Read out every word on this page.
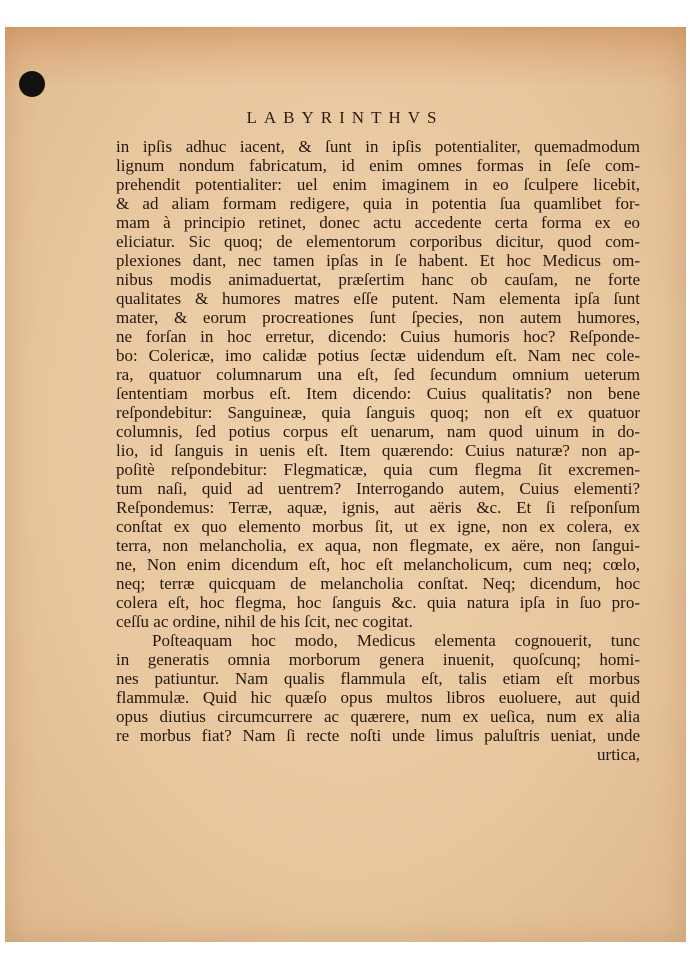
LABYRINTHVS
in ipſis adhuc iacent, & ſunt in ipſis potentialiter, quemadmodum
lignum nondum fabricatum, id enim omnes formas in ſeſe com-
prehendit potentialiter: uel enim imaginem in eo ſculpere licebit,
& ad aliam formam redigere, quia in potentia ſua quamlibet for-
mam à principio retinet, donec actu accedente certa forma ex eo
eliciatur. Sic quoq; de elementorum corporibus dicitur, quod com-
plexiones dant, nec tamen ipſas in ſe habent. Et hoc Medicus om-
nibus modis animaduertat, præſertim hanc ob cauſam, ne forte
qualitates & humores matres eſſe putent. Nam elementa ipſa ſunt
mater, & eorum procreationes ſunt ſpecies, non autem humores,
ne forſan in hoc erretur, dicendo: Cuius humoris hoc? Reſponde-
bo: Colericæ, imo calidæ potius ſectæ uidendum eſt. Nam nec cole-
ra, quatuor columnarum una eſt, ſed ſecundum omnium ueterum
ſententiam morbus eſt. Item dicendo: Cuius qualitatis? non bene
reſpondebitur: Sanguineæ, quia ſanguis quoq; non eſt ex quatuor
columnis, ſed potius corpus eſt uenarum, nam quod uinum in do-
lio, id ſanguis in uenis eſt. Item quærendo: Cuius naturæ? non ap-
poſitè reſpondebitur: Flegmaticæ, quia cum flegma ſit excremen-
tum naſi, quid ad uentrem? Interrogando autem, Cuius elementi?
Reſpondemus: Terræ, aquæ, ignis, aut aëris &c. Et ſi reſponſum
conſtat ex quo elemento morbus ſit, ut ex igne, non ex colera, ex
terra, non melancholia, ex aqua, non flegmate, ex aëre, non ſangui-
ne, Non enim dicendum eſt, hoc eſt melancholicum, cum neq; cœlo,
neq; terræ quicquam de melancholia conſtat. Neq; dicendum, hoc
colera eſt, hoc flegma, hoc ſanguis &c. quia natura ipſa in ſuo pro-
ceſſu ac ordine, nihil de his ſcit, nec cogitat.
Poſteaquam hoc modo, Medicus elementa cognouerit, tunc
in generatis omnia morborum genera inuenit, quoſcunq; homi-
nes patiuntur. Nam qualis flammula eſt, talis etiam eſt morbus
flammulæ. Quid hic quæſo opus multos libros euoluere, aut quid
opus diutius circumcurrere ac quærere, num ex ueſica, num ex alia
re morbus fiat? Nam ſi recte noſti unde limus paluſtris ueniat, unde
urtica,
